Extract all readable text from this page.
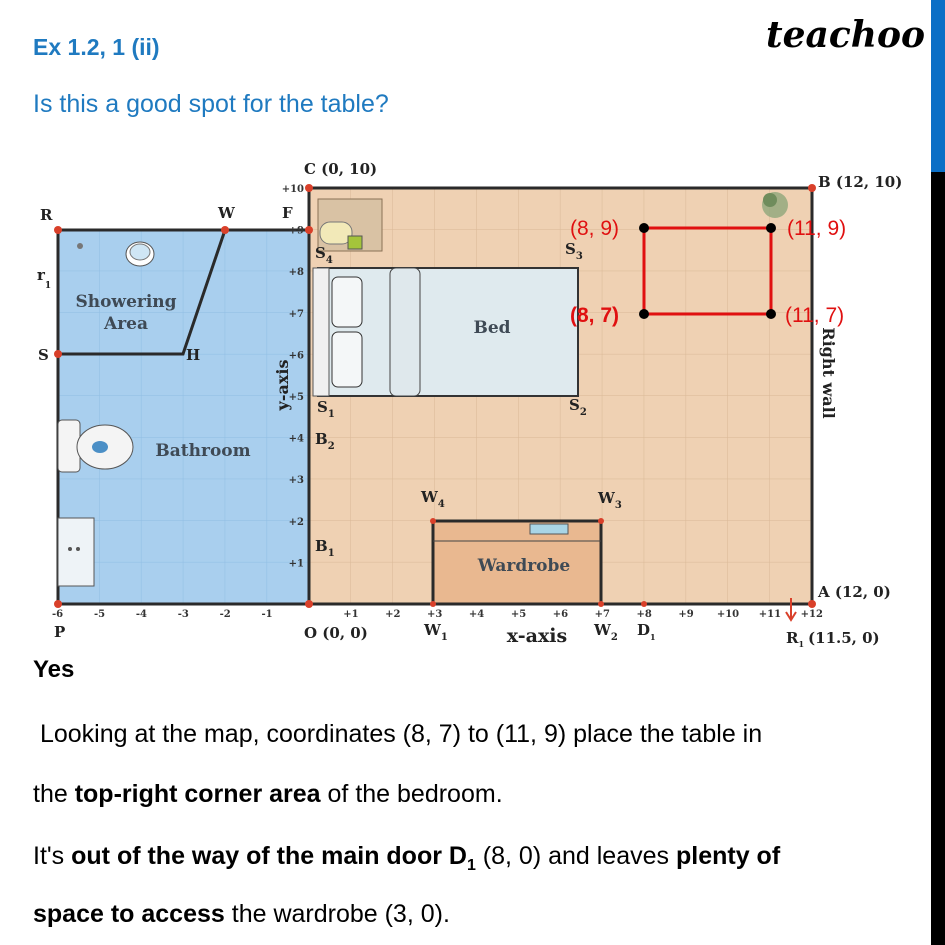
Ex 1.2, 1 (ii)
Is this a good spot for the table?
teachoo
(8, 9)	(11, 9)
(8, 7)	(11, 7)
C (0, 10)
B (12, 10)
A (12, 0)
O (0, 0)
R	W	F
$r_1$
S	H
P
$S_4$
$S_3$
$S_1$
$S_2$
$B_2$
$B_1$
$W_4$	$W_3$
$W_1$	$W_2$ $D_1$	$R_1$ (11.5, 0)
Showering
Area
Bathroom
Bed
Wardrobe
x-axis
y-axis	Right wall
-6	-5	-4	-3	-2	-1	+1	+2	+3	+4	+5	+6	+7	+8	+9 +10 +11 +12
+1
+2
+3
+4
+5
+6
+7
+8
+9
+10
Yes
Looking at the map, coordinates (8, 7) to (11, 9) place the table in
the top-right corner area of the bedroom.
It's out of the way of the main door $D_1$ (8, 0) and leaves plenty of
space to access the wardrobe (3, 0).
